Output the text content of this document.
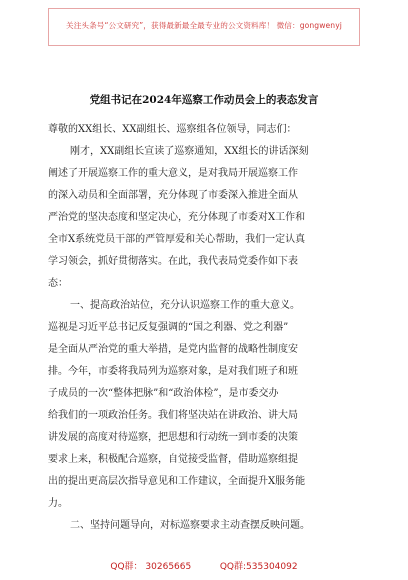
关注头条号“公文研究”，获得最新最全最专业的公文资料库！ 微信：gongwenyj
党组书记在2024年巡察工作动员会上的表态发言
尊敬的XX组长、XX副组长、巡察组各位领导，同志们：
刚才，XX副组长宣读了巡察通知，XX组长的讲话深刻
阐述了开展巡察工作的重大意义，是对我局开展巡察工作
的深入动员和全面部署，充分体现了市委深入推进全面从
严治党的坚决态度和坚定决心，充分体现了市委对X工作和
全市X系统党员干部的严管厚爱和关心帮助，我们一定认真
学习领会，抓好贯彻落实。在此，我代表局党委作如下表
态：
一、提高政治站位，充分认识巡察工作的重大意义。
巡视是习近平总书记反复强调的“国之利器、党之利器”
是全面从严治党的重大举措，是党内监督的战略性制度安
排。今年，市委将我局列为巡察对象，是对我们班子和班
子成员的一次“整体把脉”和“政治体检”，是市委交办
给我们的一项政治任务。我们将坚决站在讲政治、讲大局
讲发展的高度对待巡察，把思想和行动统一到市委的决策
要求上来，积极配合巡察，自觉接受监督，借助巡察组提
出的提出更高层次指导意见和工作建议，全面提升X服务能
力。
二、坚持问题导向，对标巡察要求主动查摆反映问题。
QQ群： 30265665	QQ群:535304092
